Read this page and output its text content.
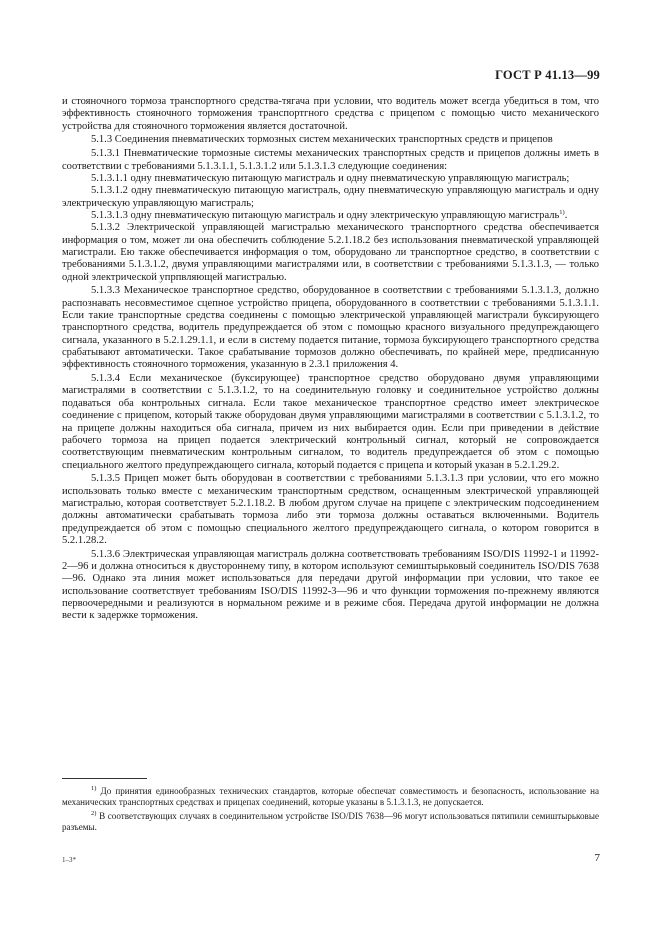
ГОСТ Р 41.13—99

и стояночного тормоза транспортного средства-тягача при условии, что водитель может всегда убедиться в том, что эффективность стояночного торможения транспортгного средства с прицепом с помощью чисто механического устройства для стояночного торможения является достаточной.

5.1.3 Соединения пневматических тормозных систем механических транспортных средств и прицепов

5.1.3.1 Пневматические тормозные системы механических транспортных средств и прицепов должны иметь в соответствии с требованиями 5.1.3.1.1, 5.1.3.1.2 или 5.1.3.1.3 следующие соединения:

5.1.3.1.1 одну пневматическую питающую магистраль и одну пневматическую управляющую магистраль;

5.1.3.1.2 одну пневматическую питающую магистраль, одну пневматическую управляющую магистраль и одну электрическую управляющую магистраль;

5.1.3.1.3 одну пневматическую питающую магистраль и одну электрическую управляющую магистраль$^{1)}$.

5.1.3.2 Электрической управляющей магистралью механического транспортного средства обеспечивается информация о том, может ли она обеспечить соблюдение 5.2.1.18.2 без использования пневматической управляющей магистрали. Ею также обеспечивается информация о том, оборудовано ли транспортное средство, в соответствии с требованиями 5.1.3.1.2, двумя управляющими магистралями или, в соответствии с требованиями 5.1.3.1.3, — только одной электрической упрпвляющей магистралью.

5.1.3.3 Механическое транспортное средство, оборудованное в соответствии с требованиями 5.1.3.1.3, должно распознавать несовместимое сцепное устройство прицепа, оборудованного в соответствии с требованиями 5.1.3.1.1. Если такие транспортные средства соединены с помощью электрической управляющей магистрали буксирующего транспортного средства, водитель предупреждается об этом с помощью красного визуального предупреждающего сигнала, указанного в 5.2.1.29.1.1, и если в систему подается питание, тормоза буксирующего транспортного средства срабатывают автоматически. Такое срабатывание тормозов должно обеспечивать, по крайней мере, предписанную эффективность стояночного торможения, указанную в 2.3.1 приложения 4.

5.1.3.4 Если механическое (буксирующее) транспортное средство оборудовано двумя управляющими магистралями в соответствии с 5.1.3.1.2, то на соединительную головку и соединительное устройство должны подаваться оба контрольных сигнала. Если такое механическое транспортное средство имеет электрическое соединение с прицепом, который также оборудован двумя управляющими магистралями в соответствии с 5.1.3.1.2, то на прицепе должны находиться оба сигнала, причем из них выбирается один. Если при приведении в действие рабочего тормоза на прицеп подается электрический контрольный сигнал, который не сопровождается соответствующим пневматическим контрольным сигналом, то водитель предупреждается об этом с помощью специального желтого предупреждающего сигнала, который подается с прицепа и который указан в 5.2.1.29.2.

5.1.3.5 Прицеп может быть оборудован в соответствии с требованиями 5.1.3.1.3 при условии, что его можно использовать только вместе с механическим транспортным средством, оснащенным электрической управляющей магистралью, которая соответствует 5.2.1.18.2. В любом другом случае на прицепе с электрическим подсоединением должны автоматически срабатывать тормоза либо эти тормоза должны оставаться включенными. Водитель предупреждается об этом с помощью специального желтого предупреждающего сигнала, о котором говорится в 5.2.1.28.2.

5.1.3.6 Электрическая управляющая магистраль должна соответствовать требованиям ISO/DIS 11992-1 и 11992-2—96 и должна относиться к двустороннему типу, в котором используют семиштырьковый соединитель ISO/DIS 7638—96. Однако эта линия может использоваться для передачи другой информации при условии, что такое ее использование соответствует требованиям ISO/DIS 11992-3—96 и что функции торможения по-прежнему являются первоочередными и реализуются в нормальном режиме и в режиме сбоя. Передача другой информации не должна вести к задержке торможения.

$^{1)}$ До принятия единообразных технических стандартов, которые обеспечат совместимость и безопасность, использование на механических транспортных средствах и прицепах соединений, которые указаны в 5.1.3.1.3, не допускается.

$^{2)}$ В соответствующих случаях в соединительном устройстве ISO/DIS 7638—96 могут использоваться пятипили семиштырьковые разъемы.

1–3*	7
